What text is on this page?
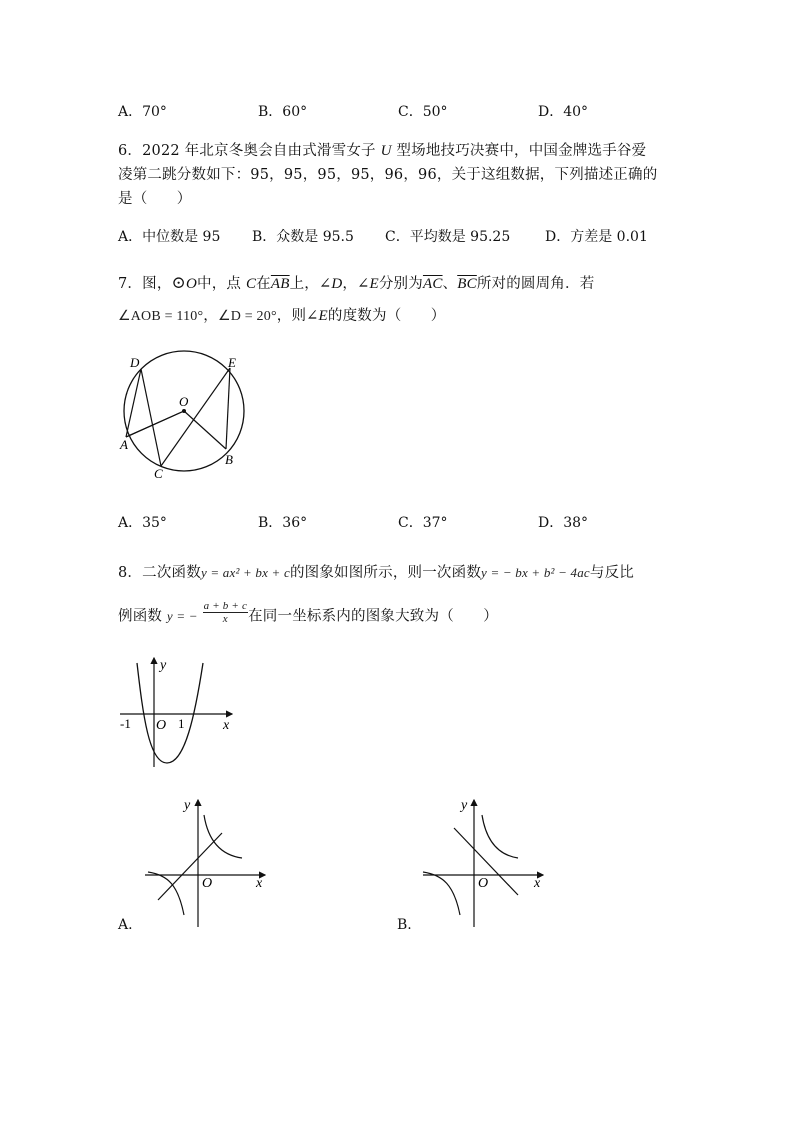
A．70°	B．60°	C．50°	D．40°
6．2022 年北京冬奥会自由式滑雪女子 U 型场地技巧决赛中，中国金牌选手谷爱
凌第二跳分数如下：95，95，95，95，96，96，关于这组数据，下列描述正确的
是（　　）
A．中位数是 95 B．众数是 95.5 C．平均数是 95.25 D．方差是 0.01
7．图，⊙O中，点 C在$\overline{AB}$上，∠D，∠E分别为$\overline{AC}$、$\overline{BC}$所对的圆周角．若
∠AOB = 110°，∠D = 20°，则∠E的度数为（　　）
D	E
O
A
B
C
A．35°	B．36°	C．37°	D．38°
8．二次函数y = ax² + bx + c的图象如图所示，则一次函数y = − bx + b² − 4ac与反比
例函数 y = − $\frac{a + b + c}{x}$ 在同一坐标系内的图象大致为（　　）
y
x
O
-1	1
y
x
O
A.
y
x
O
B.
